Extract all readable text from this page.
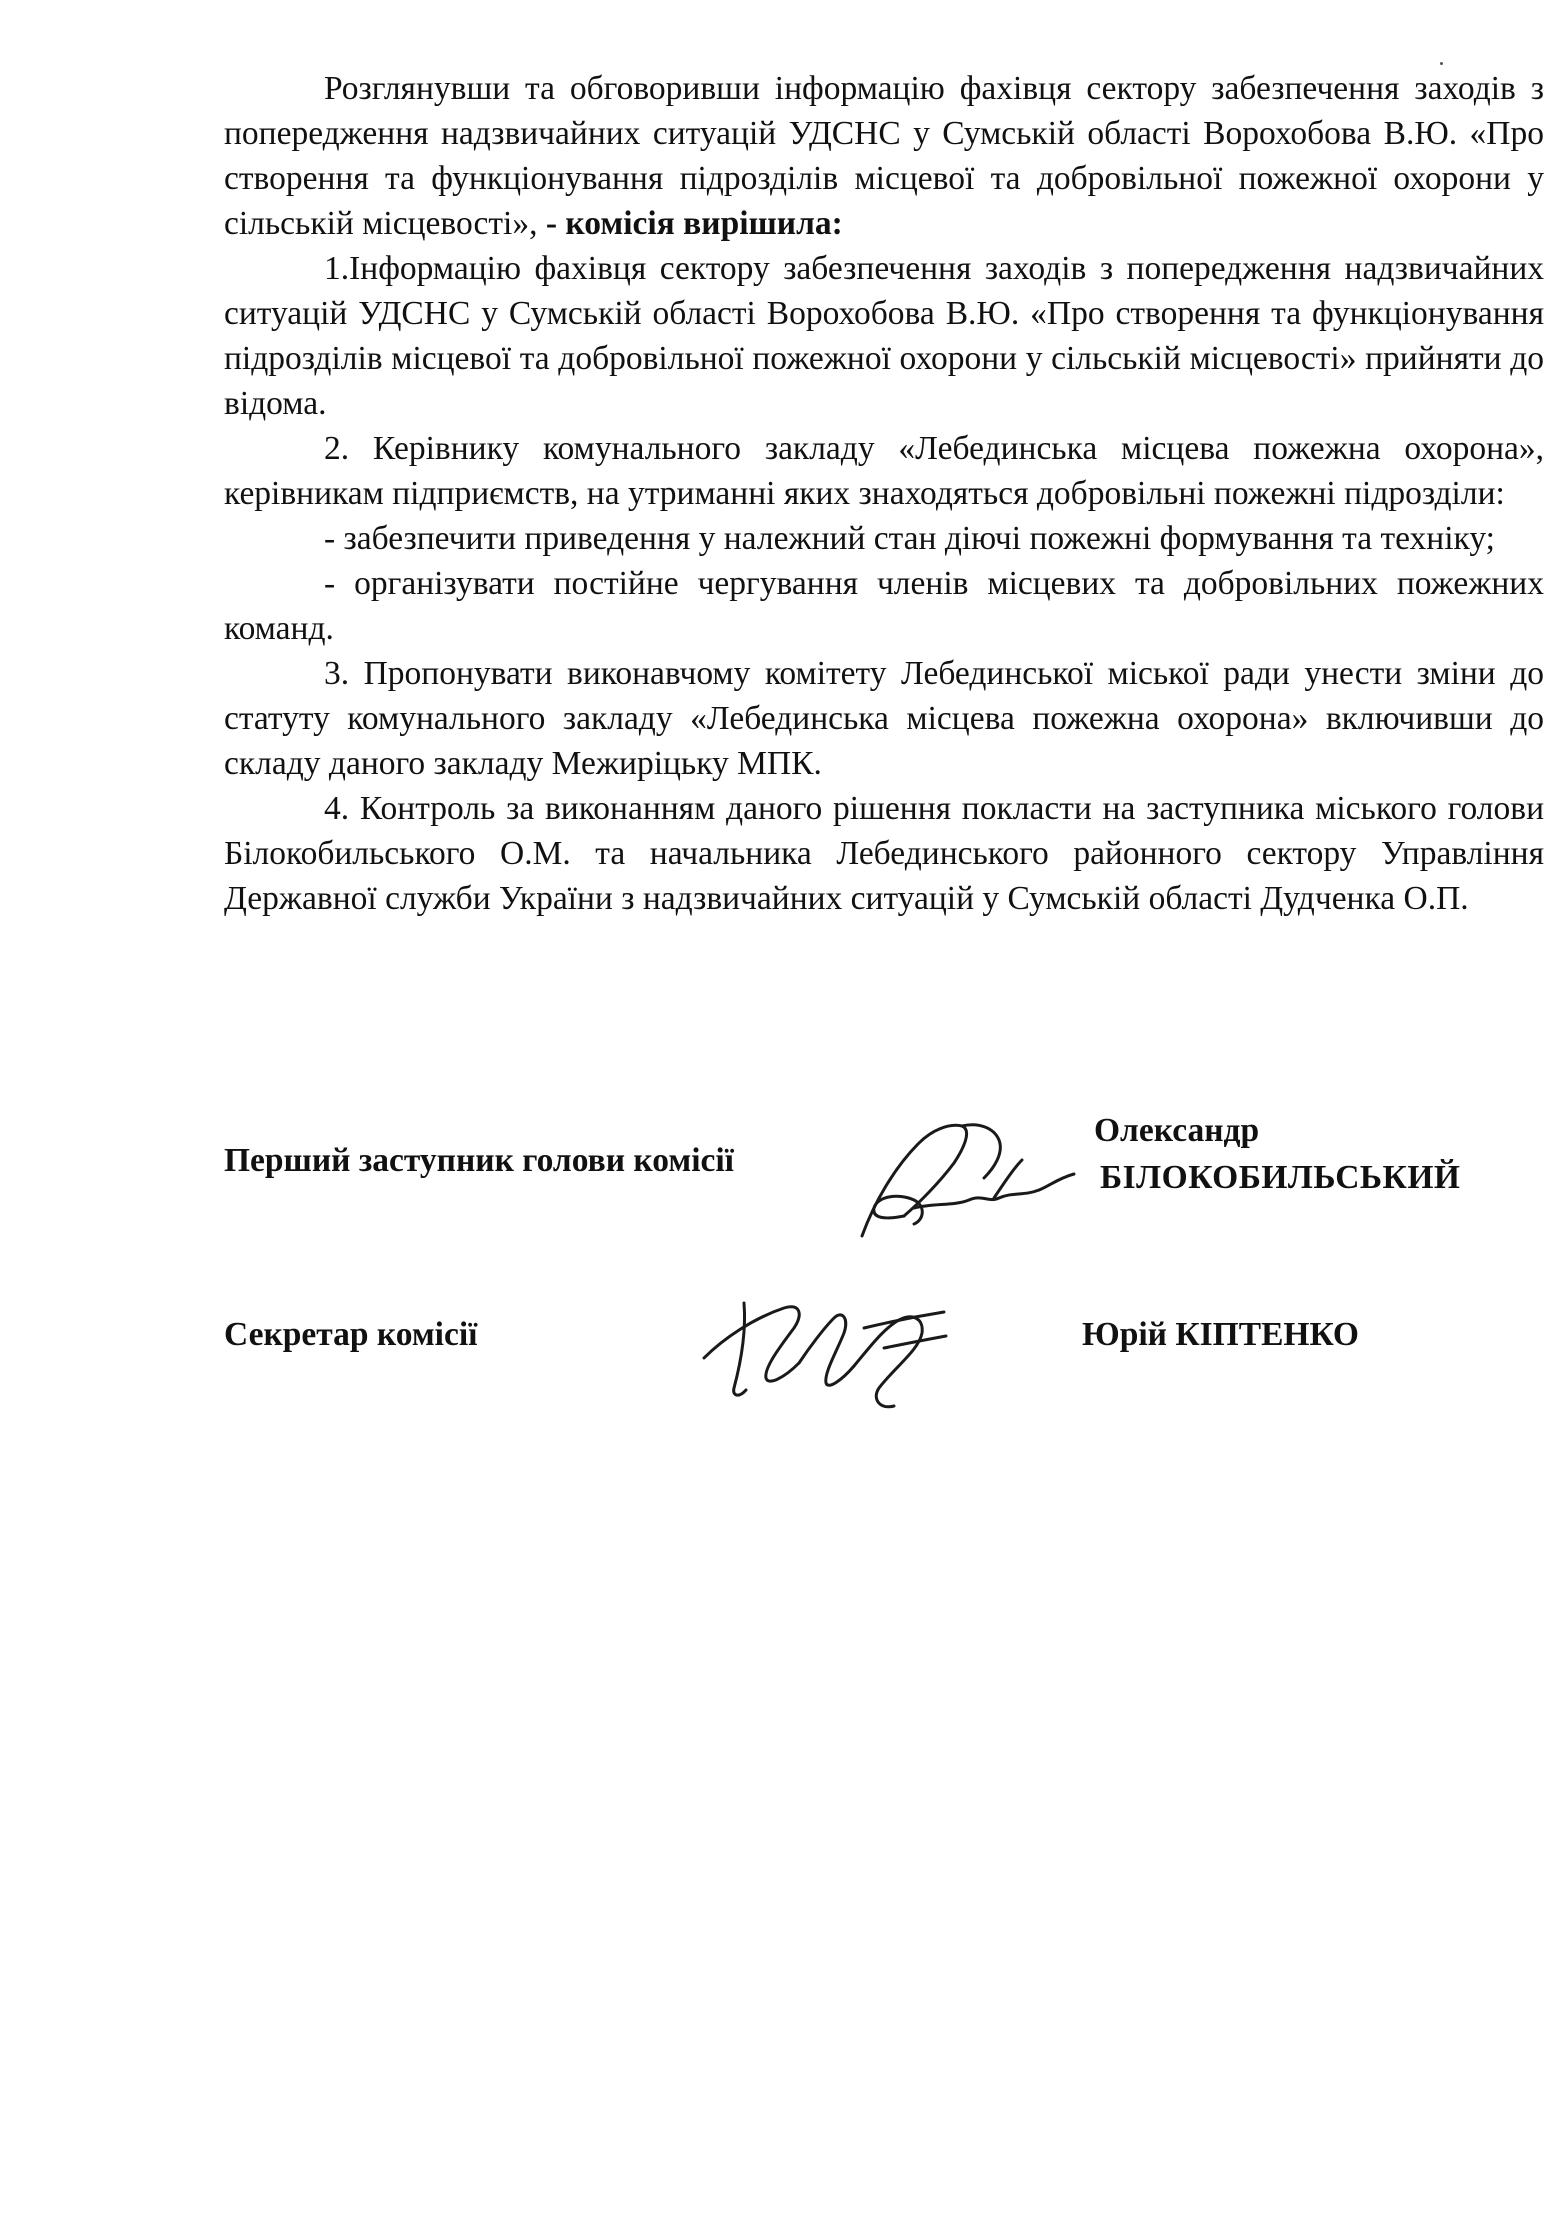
Розглянувши та обговоривши інформацію фахівця сектору забезпечення заходів з попередження надзвичайних ситуацій УДСНС у Сумській області Ворохобова В.Ю. «Про створення та функціонування підрозділів місцевої та добровільної пожежної охорони у сільській місцевості», - комісія вирішила:

1.Інформацію фахівця сектору забезпечення заходів з попередження надзвичайних ситуацій УДСНС у Сумській області Ворохобова В.Ю. «Про створення та функціонування підрозділів місцевої та добровільної пожежної охорони у сільській місцевості» прийняти до відома.

2. Керівнику комунального закладу «Лебединська місцева пожежна охорона», керівникам підприємств, на утриманні яких знаходяться добровільні пожежні підрозділи:

- забезпечити приведення у належний стан діючі пожежні формування та техніку;

- організувати постійне чергування членів місцевих та добровільних пожежних команд.

3. Пропонувати виконавчому комітету Лебединської міської ради унести зміни до статуту комунального закладу «Лебединська місцева пожежна охорона» включивши до складу даного закладу Межиріцьку МПК.

4. Контроль за виконанням даного рішення покласти на заступника міського голови Білокобильського О.М. та начальника Лебединського районного сектору Управління Державної служби України з надзвичайних ситуацій у Сумській області Дудченка О.П.

Перший заступник голови комісії
Олександр
БІЛОКОБИЛЬСЬКИЙ
Секретар комісії	Юрій КІПТЕНКО
